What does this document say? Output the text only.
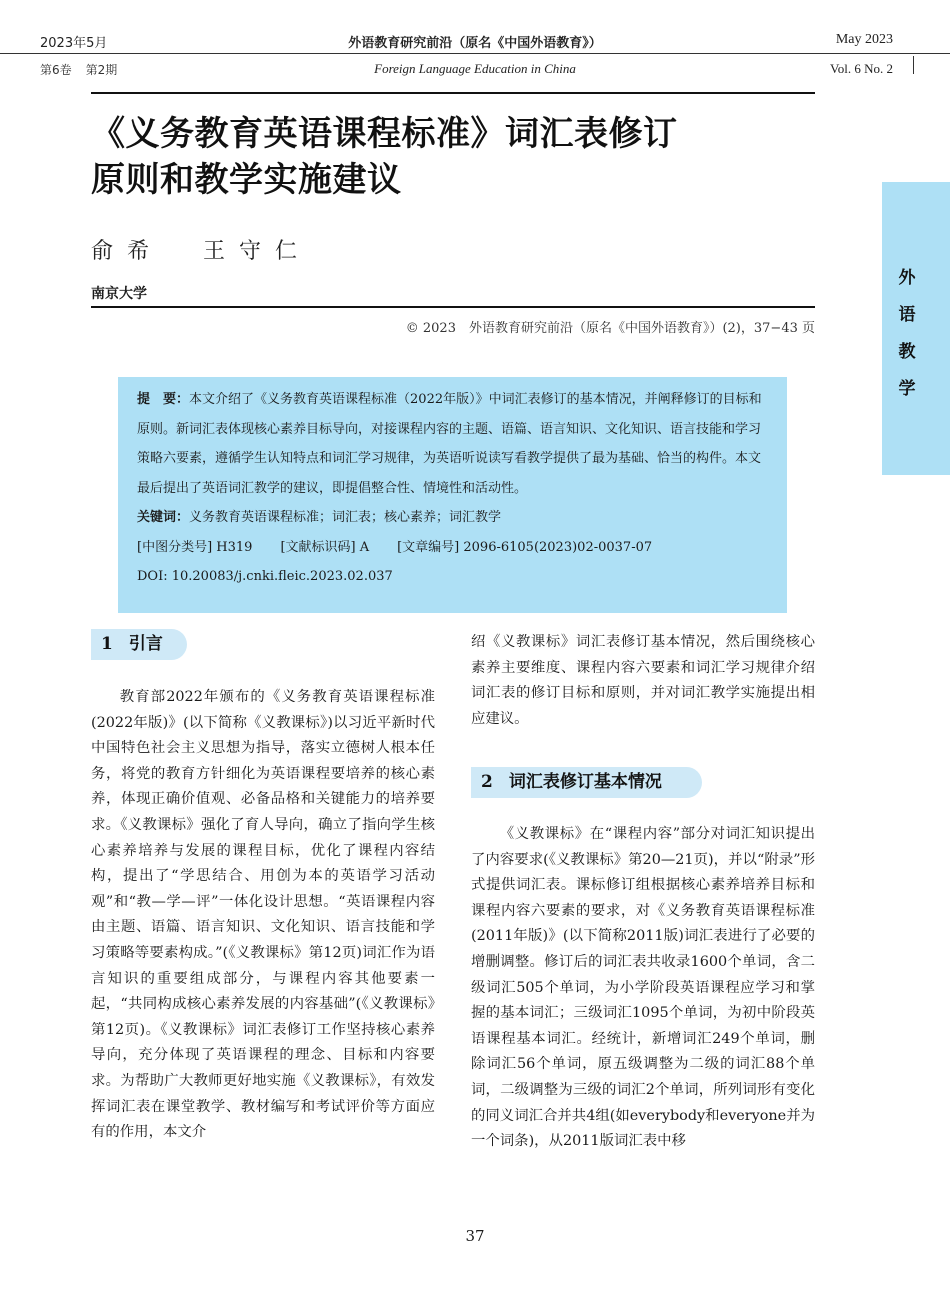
2023年5月	外语教育研究前沿（原名《中国外语教育》）	May 2023
第6卷 第2期	Foreign Language Education in China	Vol. 6 No. 2
《义务教育英语课程标准》词汇表修订
原则和教学实施建议
俞希 王守仁
南京大学
© 2023　外语教育研究前沿（原名《中国外语教育》）(2)，37−43 页
外
语
教
学

提　要：本文介绍了《义务教育英语课程标准（2022年版）》中词汇表修订的基本情况，并阐释修订的目标和原则。新词汇表体现核心素养目标导向，对接课程内容的主题、语篇、语言知识、文化知识、语言技能和学习策略六要素，遵循学生认知特点和词汇学习规律，为英语听说读写看教学提供了最为基础、恰当的构件。本文最后提出了英语词汇教学的建议，即提倡整合性、情境性和活动性。

关键词：义务教育英语课程标准；词汇表；核心素养；词汇教学

[中图分类号] H319 [文献标识码] A [文章编号] 2096-6105(2023)02-0037-07

DOI: 10.20083/j.cnki.fleic.2023.02.037

1 引言

教育部2022年颁布的《义务教育英语课程标准(2022年版)》(以下简称《义教课标》)以习近平新时代中国特色社会主义思想为指导，落实立德树人根本任务，将党的教育方针细化为英语课程要培养的核心素养，体现正确价值观、必备品格和关键能力的培养要求。《义教课标》强化了育人导向，确立了指向学生核心素养培养与发展的课程目标，优化了课程内容结构，提出了“学思结合、用创为本的英语学习活动观”和“教—学—评”一体化设计思想。“英语课程内容由主题、语篇、语言知识、文化知识、语言技能和学习策略等要素构成。”(《义教课标》第12页)词汇作为语言知识的重要组成部分，与课程内容其他要素一起，“共同构成核心素养发展的内容基础”(《义教课标》第12页)。《义教课标》词汇表修订工作坚持核心素养导向，充分体现了英语课程的理念、目标和内容要求。为帮助广大教师更好地实施《义教课标》，有效发挥词汇表在课堂教学、教材编写和考试评价等方面应有的作用，本文介

绍《义教课标》词汇表修订基本情况，然后围绕核心素养主要维度、课程内容六要素和词汇学习规律介绍词汇表的修订目标和原则，并对词汇教学实施提出相应建议。
2 词汇表修订基本情况

《义教课标》在“课程内容”部分对词汇知识提出了内容要求(《义教课标》第20—21页)，并以“附录”形式提供词汇表。课标修订组根据核心素养培养目标和课程内容六要素的要求，对《义务教育英语课程标准(2011年版)》(以下简称2011版)词汇表进行了必要的增删调整。修订后的词汇表共收录1600个单词，含二级词汇505个单词，为小学阶段英语课程应学习和掌握的基本词汇；三级词汇1095个单词，为初中阶段英语课程基本词汇。经统计，新增词汇249个单词，删除词汇56个单词，原五级调整为二级的词汇88个单词，二级调整为三级的词汇2个单词，所列词形有变化的同义词汇合并共4组(如everybody和everyone并为一个词条)，从2011版词汇表中移

37
